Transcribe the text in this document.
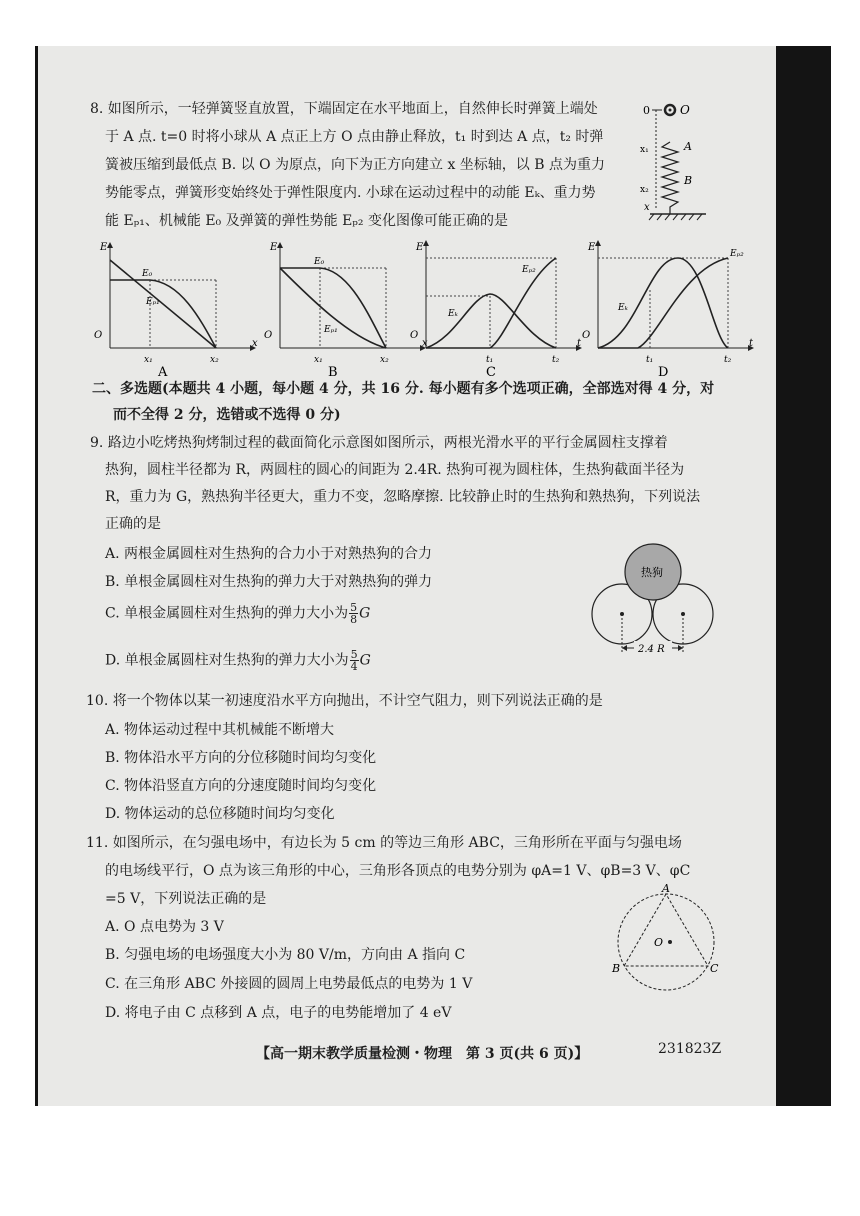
8. 如图所示，一轻弹簧竖直放置，下端固定在水平地面上，自然伸长时弹簧上端处
于 A 点. t=0 时将小球从 A 点正上方 O 点由静止释放，t₁ 时到达 A 点，t₂ 时弹
簧被压缩到最低点 B. 以 O 为原点，向下为正方向建立 x 坐标轴，以 B 点为重力
势能零点，弹簧形变始终处于弹性限度内. 小球在运动过程中的动能 Eₖ、重力势
能 Eₚ₁、机械能 E₀ 及弹簧的弹性势能 Eₚ₂ 变化图像可能正确的是
0	O
x₁
x₂
x
A
B
E
O
x
E₀
Eₚ₁
x₁	x₂
A
E
O
x
E₀
Eₚ₁
x₁	x₂
B
E
O
t
Eₚ₂
Eₖ
t₁	t₂
C
E
O
t
Eₚ₂
Eₖ
t₁	t₂
D
二、多选题(本题共 4 小题，每小题 4 分，共 16 分. 每小题有多个选项正确，全部选对得 4 分，对
而不全得 2 分，选错或不选得 0 分)
9. 路边小吃烤热狗烤制过程的截面简化示意图如图所示，两根光滑水平的平行金属圆柱支撑着
热狗，圆柱半径都为 R，两圆柱的圆心的间距为 2.4R. 热狗可视为圆柱体，生热狗截面半径为
R，重力为 G，熟热狗半径更大，重力不变，忽略摩擦. 比较静止时的生热狗和熟热狗，下列说法
正确的是
A. 两根金属圆柱对生热狗的合力小于对熟热狗的合力
B. 单根金属圆柱对生热狗的弹力大于对熟热狗的弹力
C. 单根金属圆柱对生热狗的弹力大小为 $\frac{5}{8}$ G
D. 单根金属圆柱对生热狗的弹力大小为 $\frac{5}{4}$ G
热狗
2.4 R
10. 将一个物体以某一初速度沿水平方向抛出，不计空气阻力，则下列说法正确的是
A. 物体运动过程中其机械能不断增大
B. 物体沿水平方向的分位移随时间均匀变化
C. 物体沿竖直方向的分速度随时间均匀变化
D. 物体运动的总位移随时间均匀变化
11. 如图所示，在匀强电场中，有边长为 5 cm 的等边三角形 ABC，三角形所在平面与匀强电场
的电场线平行，O 点为该三角形的中心，三角形各顶点的电势分别为 φA=1 V、φB=3 V、φC
=5 V，下列说法正确的是
A. O 点电势为 3 V
B. 匀强电场的电场强度大小为 80 V/m，方向由 A 指向 C
C. 在三角形 ABC 外接圆的圆周上电势最低点的电势为 1 V
D. 将电子由 C 点移到 A 点，电子的电势能增加了 4 eV
O
A
B	C
【高一期末教学质量检测・物理　第 3 页(共 6 页)】	231823Z
